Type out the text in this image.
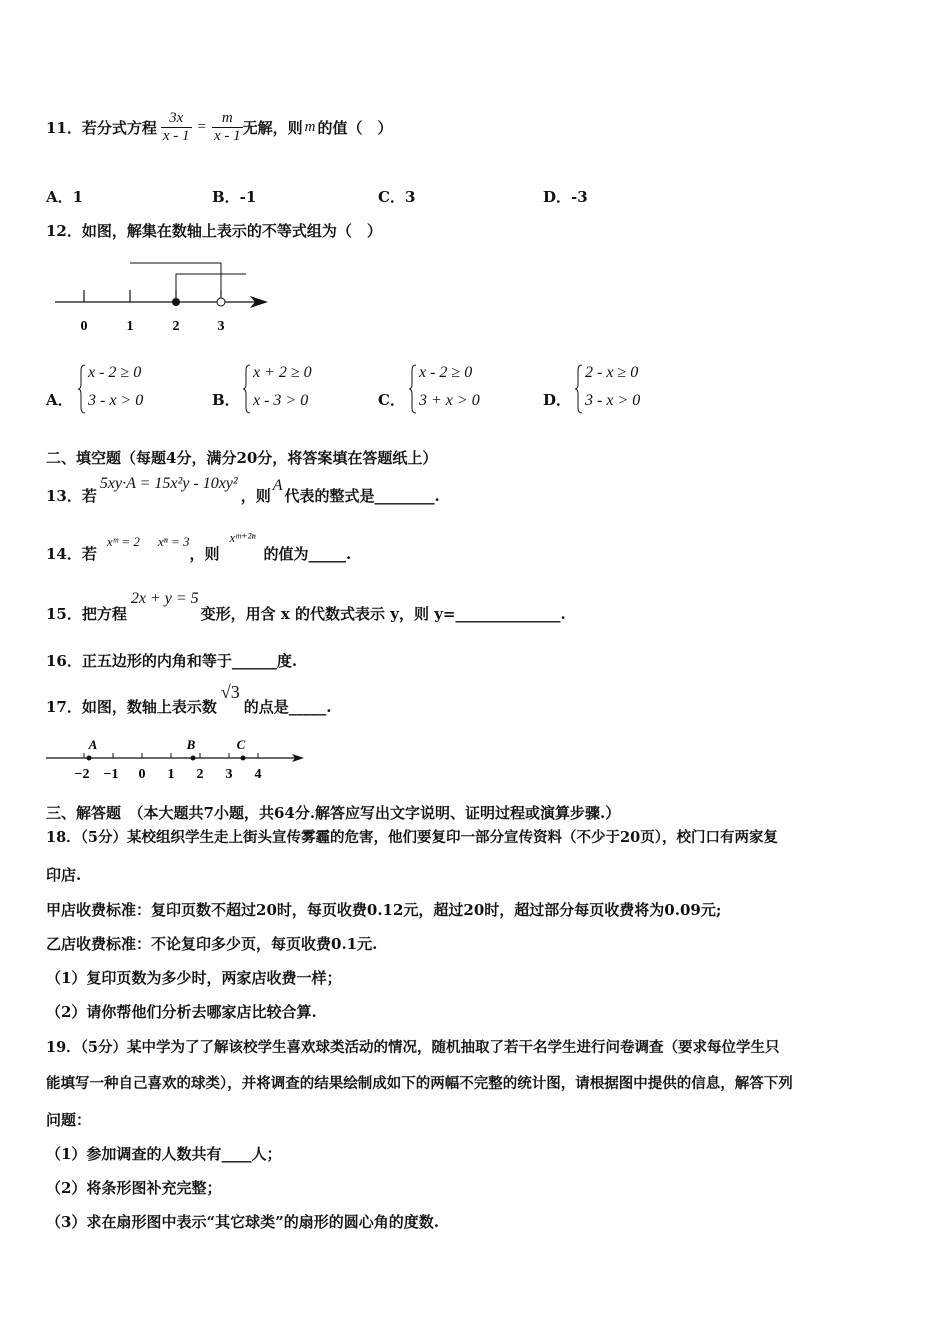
11．若分式方程 $\frac{3x}{x - 1} = \frac{m}{x - 1}$ 无解，则 m 的值（　）
A．1	B．-1	C．3	D．-3
12．如图，解集在数轴上表示的不等式组为（　）
0	1	2	3
A．
x - 2 ≥ 0
3 - x > 0	B．
x + 2 ≥ 0
x - 3 > 0	C．
x - 2 ≥ 0
3 + x > 0	D．
2 - x ≥ 0
3 - x > 0
二、填空题（每题4分，满分20分，将答案填在答题纸上）
13．若
5xy·A = 15x²y - 10xy²
，则
A
代表的整式是________.
14．若
xᵐ = 2 xⁿ = 3
，则
xᵐ⁺²ⁿ
的值为_____.
15．把方程
2x + y = 5
变形，用含 x 的代数式表示 y，则 y=______________.
16．正五边形的内角和等于______度.
17．如图，数轴上表示数
√3
的点是_____.
A	B	C
−2 −1 0 1 2 3 4
三、解答题　（本大题共7小题，共64分.解答应写出文字说明、证明过程或演算步骤.）
18．（5分）某校组织学生走上街头宣传雾霾的危害，他们要复印一部分宣传资料（不少于20页），校门口有两家复
印店.
甲店收费标准：复印页数不超过20时，每页收费0.12元，超过20时，超过部分每页收费将为0.09元;
乙店收费标准：不论复印多少页，每页收费0.1元.
（1）复印页数为多少时，两家店收费一样；
（2）请你帮他们分析去哪家店比较合算.
19．（5分）某中学为了了解该校学生喜欢球类活动的情况，随机抽取了若干名学生进行问卷调查（要求每位学生只
能填写一种自己喜欢的球类），并将调查的结果绘制成如下的两幅不完整的统计图，请根据图中提供的信息，解答下列
问题：
（1）参加调查的人数共有____人；
（2）将条形图补充完整；
（3）求在扇形图中表示“其它球类”的扇形的圆心角的度数.
